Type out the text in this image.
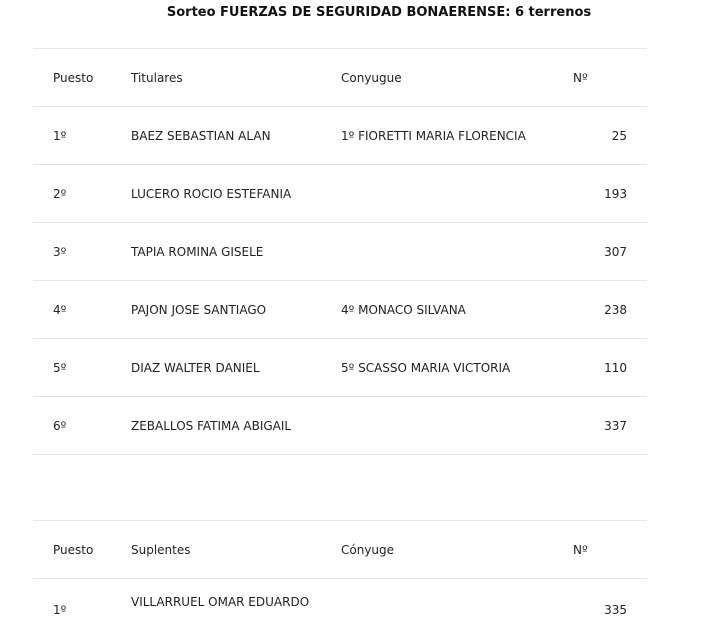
Sorteo FUERZAS DE SEGURIDAD BONAERENSE: 6 terrenos
Puesto	Titulares	Conyugue	Nº
1º	BAEZ SEBASTIAN ALAN	1º FIORETTI MARIA FLORENCIA	25
2º	LUCERO ROCIO ESTEFANIA		193
3º	TAPIA ROMINA GISELE		307
4º	PAJON JOSE SANTIAGO	4º MONACO SILVANA	238
5º	DIAZ WALTER DANIEL	5º SCASSO MARIA VICTORIA	110
6º	ZEBALLOS FATIMA ABIGAIL		337
Puesto	Suplentes	Cónyuge	Nº
1º	VILLARRUEL OMAR EDUARDO		335
